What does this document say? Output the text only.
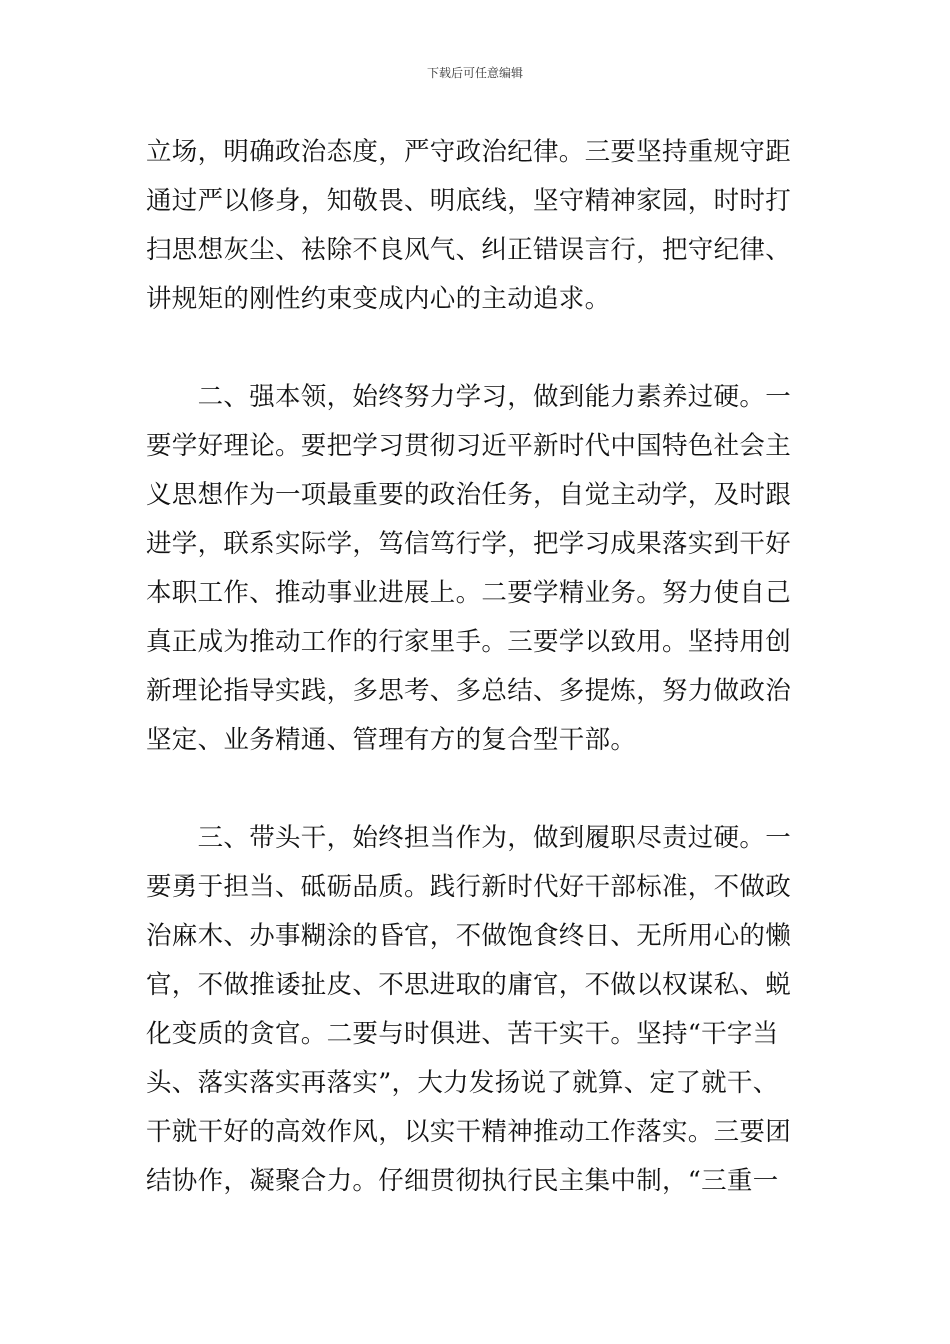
下载后可任意编辑
立场，明确政治态度，严守政治纪律。三要坚持重规守距
通过严以修身，知敬畏、明底线，坚守精神家园，时时打
扫思想灰尘、袪除不良风气、纠正错误言行，把守纪律、
讲规矩的刚性约束变成内心的主动追求。
　　二、强本领，始终努力学习，做到能力素养过硬。一
要学好理论。要把学习贯彻习近平新时代中国特色社会主
义思想作为一项最重要的政治任务，自觉主动学，及时跟
进学，联系实际学，笃信笃行学，把学习成果落实到干好
本职工作、推动事业进展上。二要学精业务。努力使自己
真正成为推动工作的行家里手。三要学以致用。坚持用创
新理论指导实践，多思考、多总结、多提炼，努力做政治
坚定、业务精通、管理有方的复合型干部。
　　三、带头干，始终担当作为，做到履职尽责过硬。一
要勇于担当、砥砺品质。践行新时代好干部标准，不做政
治麻木、办事糊涂的昏官，不做饱食终日、无所用心的懒
官，不做推诿扯皮、不思进取的庸官，不做以权谋私、蜕
化变质的贪官。二要与时俱进、苦干实干。坚持“干字当
头、落实落实再落实”，大力发扬说了就算、定了就干、
干就干好的高效作风，以实干精神推动工作落实。三要团
结协作，凝聚合力。仔细贯彻执行民主集中制，“三重一
